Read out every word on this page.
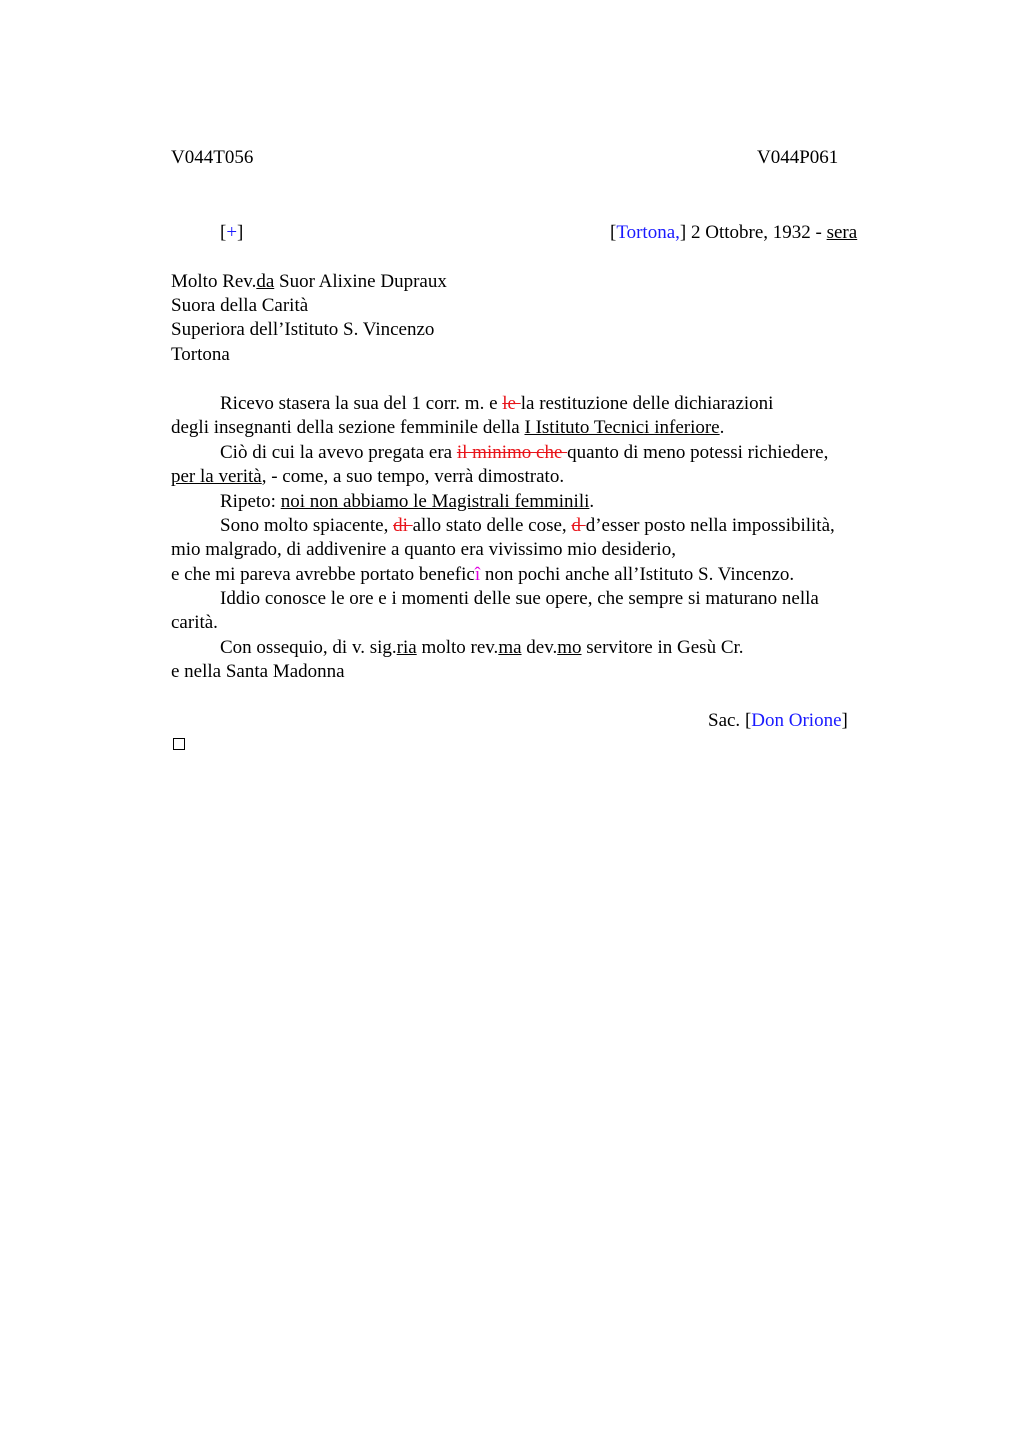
V044T056	V044P061
[+]	[Tortona,] 2 Ottobre, 1932 - sera
Molto Rev.da Suor Alixine Dupraux
Suora della Carità
Superiora dell’Istituto S. Vincenzo
Tortona
Ricevo stasera la sua del 1 corr. m. e le la restituzione delle dichiarazioni
degli insegnanti della sezione femminile della I Istituto Tecnici inferiore.
Ciò di cui la avevo pregata era il minimo che quanto di meno potessi richiedere,
per la verità, - come, a suo tempo, verrà dimostrato.
Ripeto: noi non abbiamo le Magistrali femminili.
Sono molto spiacente, di allo stato delle cose, d d’esser posto nella impossibilità,
mio malgrado, di addivenire a quanto era vivissimo mio desiderio,
e che mi pareva avrebbe portato beneficî non pochi anche all’Istituto S. Vincenzo.
Iddio conosce le ore e i momenti delle sue opere, che sempre si maturano nella
carità.
Con ossequio, di v. sig.ria molto rev.ma dev.mo servitore in Gesù Cr.
e nella Santa Madonna
Sac. [Don Orione]
